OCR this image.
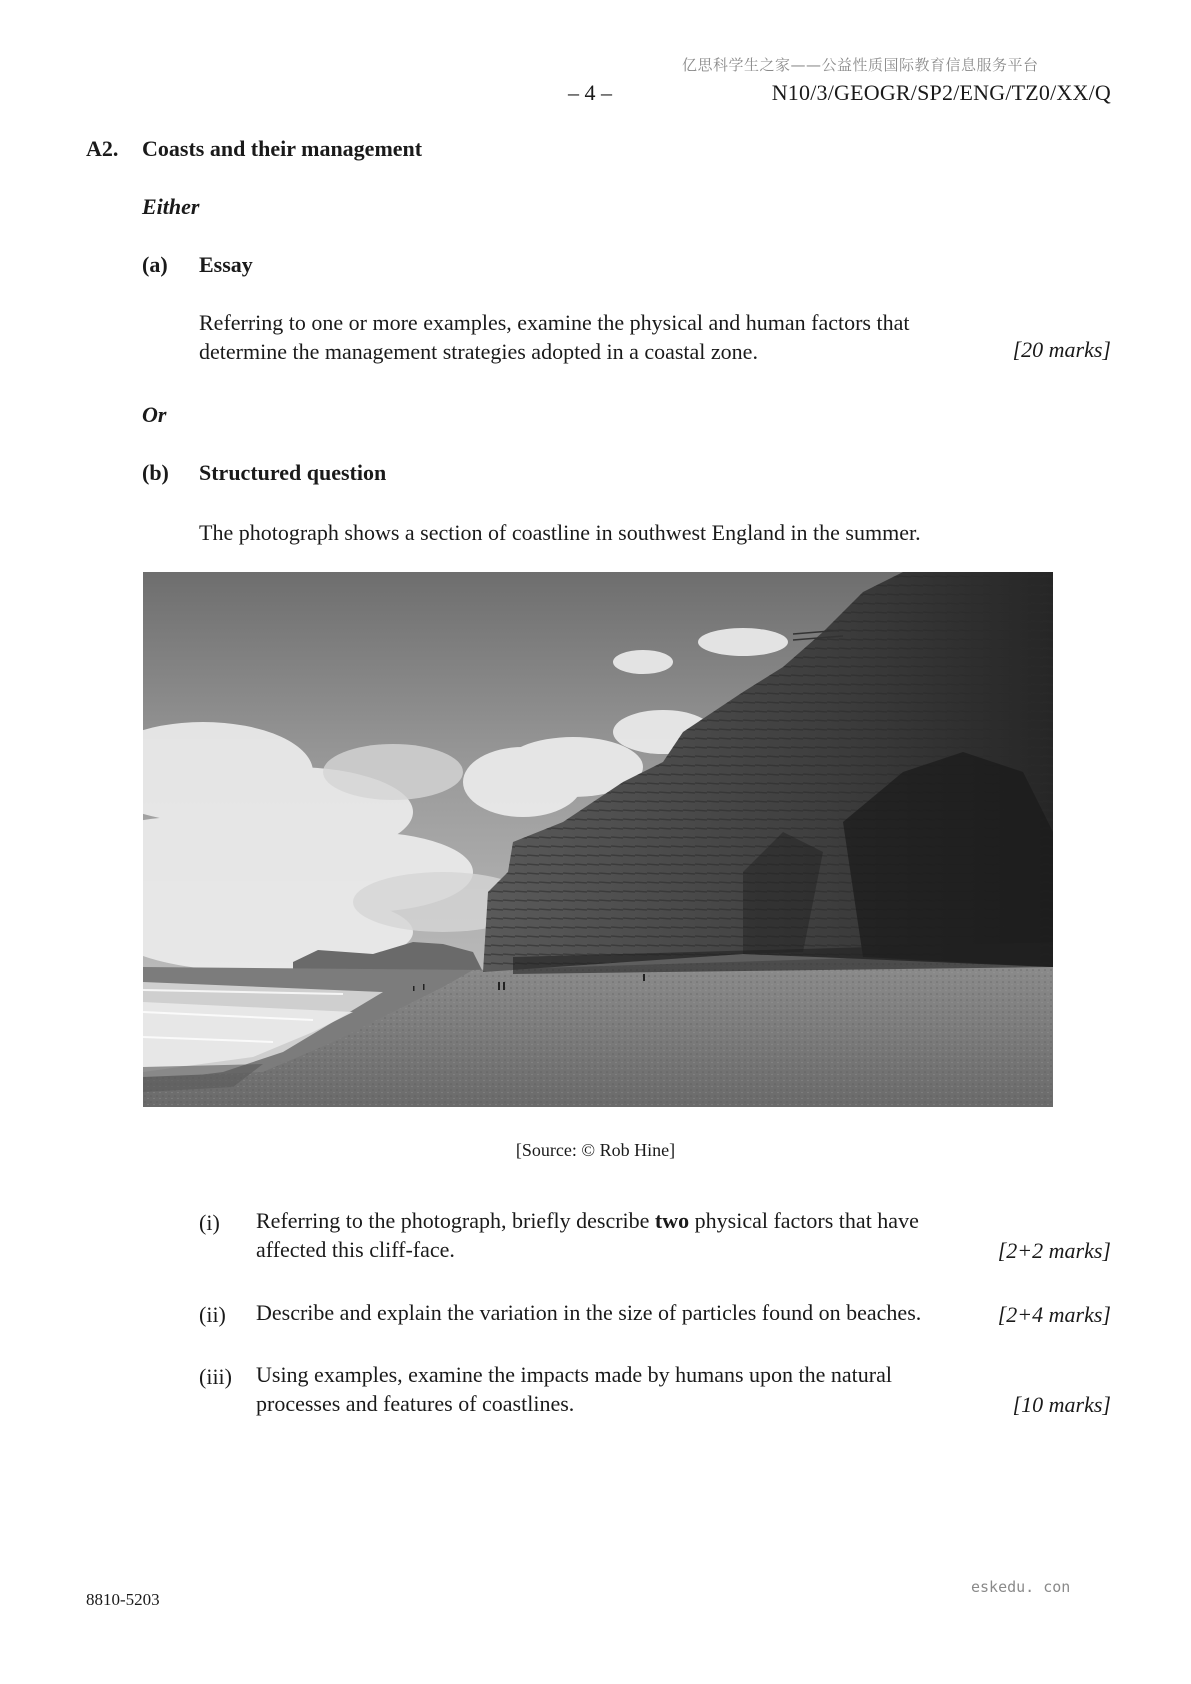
亿思科学生之家——公益性质国际教育信息服务平台
– 4 –	N10/3/GEOGR/SP2/ENG/TZ0/XX/Q
A2. Coasts and their management
Either
(a) Essay
Referring to one or more examples, examine the physical and human factors that
determine the management strategies adopted in a coastal zone.	[20 marks]
Or
(b) Structured question
The photograph shows a section of coastline in southwest England in the summer.
[Source: © Rob Hine]
(i) Referring to the photograph, briefly describe two physical factors that have
affected this cliff-face.	[2+2 marks]
(ii) Describe and explain the variation in the size of particles found on beaches.	[2+4 marks]
(iii) Using examples, examine the impacts made by humans upon the natural
processes and features of coastlines.	[10 marks]
eskedu. con
8810-5203
